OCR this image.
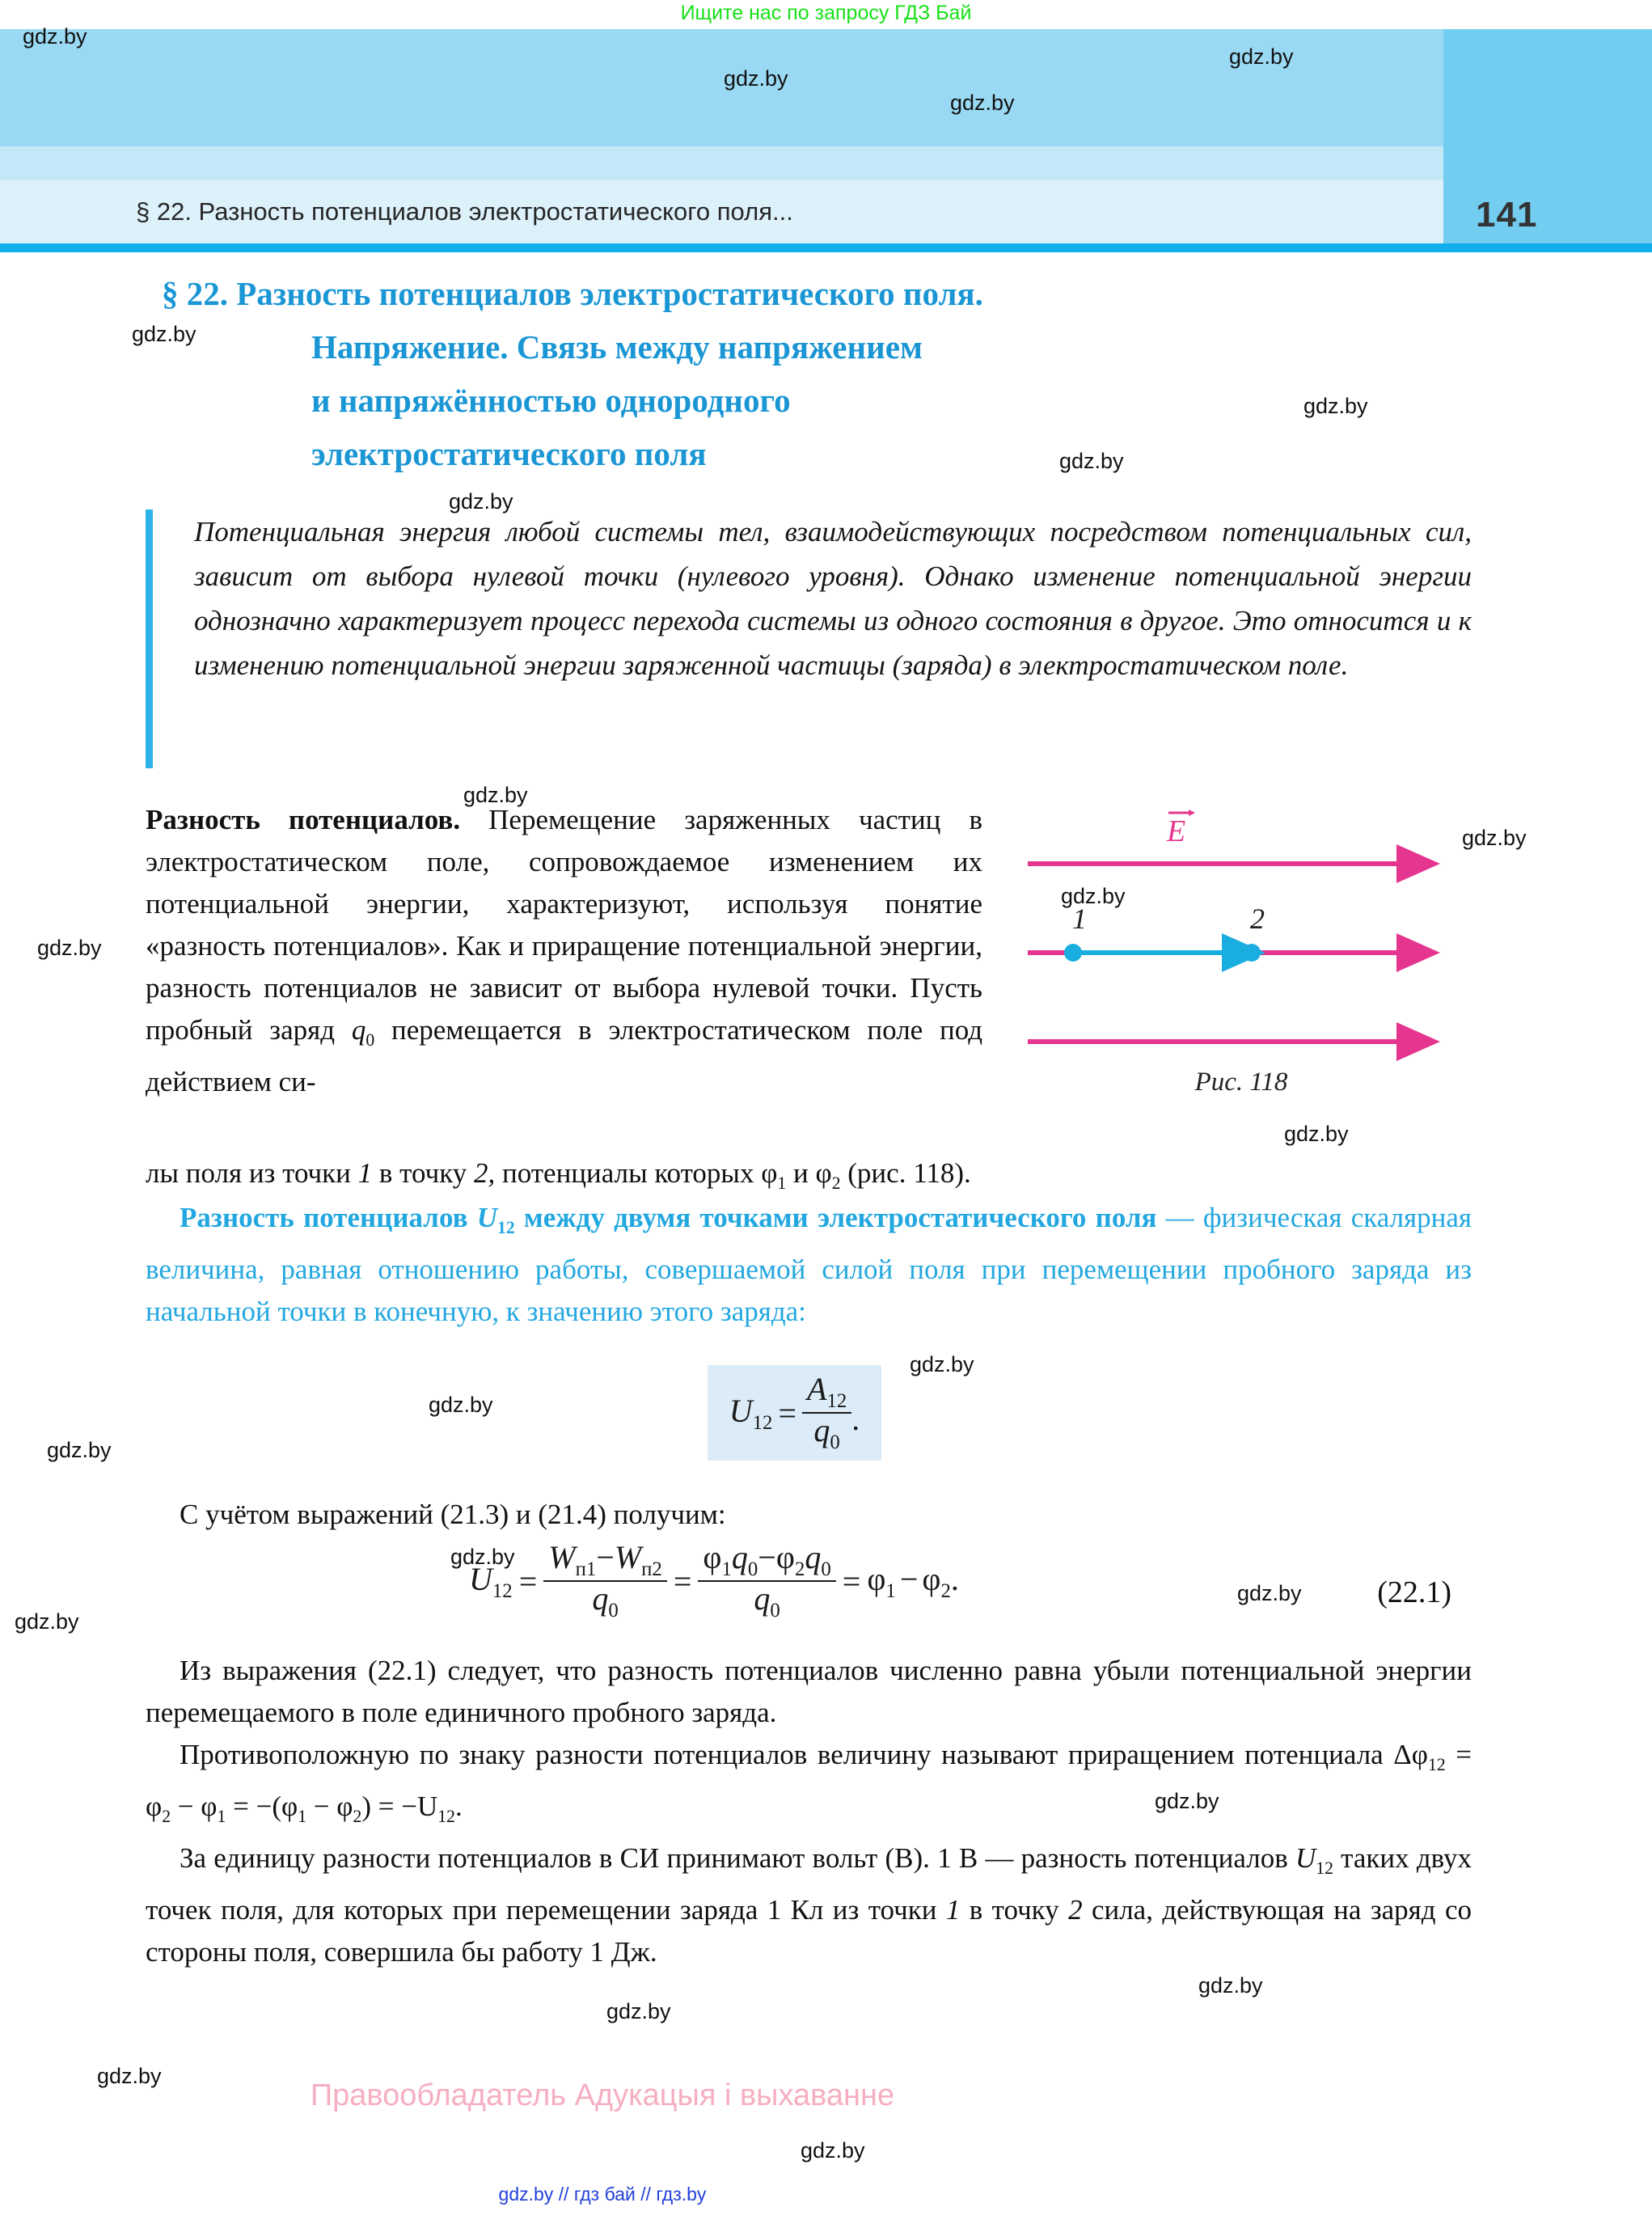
Ищите нас по запросу ГДЗ Бай
141
§ 22. Разность потенциалов электростатического поля...
§ 22. Разность потенциалов электростатического поля.
Напряжение. Связь между напряжением
и напряжённостью однородного
электростатического поля
Потенциальная энергия любой системы тел, взаимодействующих посредством потенциальных сил, зависит от выбора нулевой точки (нулевого уровня). Однако изменение потенциальной энергии однозначно характеризует процесс перехода системы из одного состояния в другое. Это относится и к изменению потенциальной энергии заряженной частицы (заряда) в электростатическом поле.
Разность потенциалов. Перемещение заряженных частиц в электростатическом поле, сопровождаемое изменением их потенциальной энергии, характеризуют, используя понятие «разность потенциалов». Как и приращение потенциальной энергии, разность потенциалов не зависит от выбора нулевой точки. Пусть пробный заряд $q_0$ перемещается в электростатическом поле под действием си-
лы поля из точки 1 в точку 2, потенциалы которых $\varphi_1$ и $\varphi_2$ (рис. 118).
E
1	2
Рис. 118
Разность потенциалов $U_{12}$ между двумя точками электростатического поля — физическая скалярная величина, равная отношению работы, совершаемой силой поля при перемещении пробного заряда из начальной точки в конечную, к значению этого заряда:
$U_{12} = \frac{A_{12}}{q_0}$ .
С учётом выражений (21.3) и (21.4) получим:
$U_{12} = \frac{W_{п1}-W_{п2}}{q_0} = \frac{\varphi_1q_0-\varphi_2q_0}{q_0} = \varphi_1 - \varphi_2$.	(22.1)

Из выражения (22.1) следует, что разность потенциалов численно равна убыли потенциальной энергии перемещаемого в поле единичного пробного заряда.

Противоположную по знаку разности потенциалов величину называют приращением потенциала $\Delta\varphi_{12} = \varphi_2 - \varphi_1 = -(\varphi_1 - \varphi_2) = -U_{12}$.

За единицу разности потенциалов в СИ принимают вольт (В). 1 В — разность потенциалов $U_{12}$ таких двух точек поля, для которых при перемещении заряда 1 Кл из точки 1 в точку 2 сила, действующая на заряд со стороны поля, совершила бы работу 1 Дж.

Правообладатель Адукацыя і выхаванне
gdz.by // гдз бай // гдз.by
gdz.by
gdz.by
gdz.by
gdz.by
gdz.by
gdz.by
gdz.by
gdz.by
gdz.by
gdz.by
gdz.by
gdz.by
gdz.by
gdz.by
gdz.by
gdz.by
gdz.by
gdz.by
gdz.by
gdz.by
gdz.by
gdz.by
gdz.by
gdz.by
